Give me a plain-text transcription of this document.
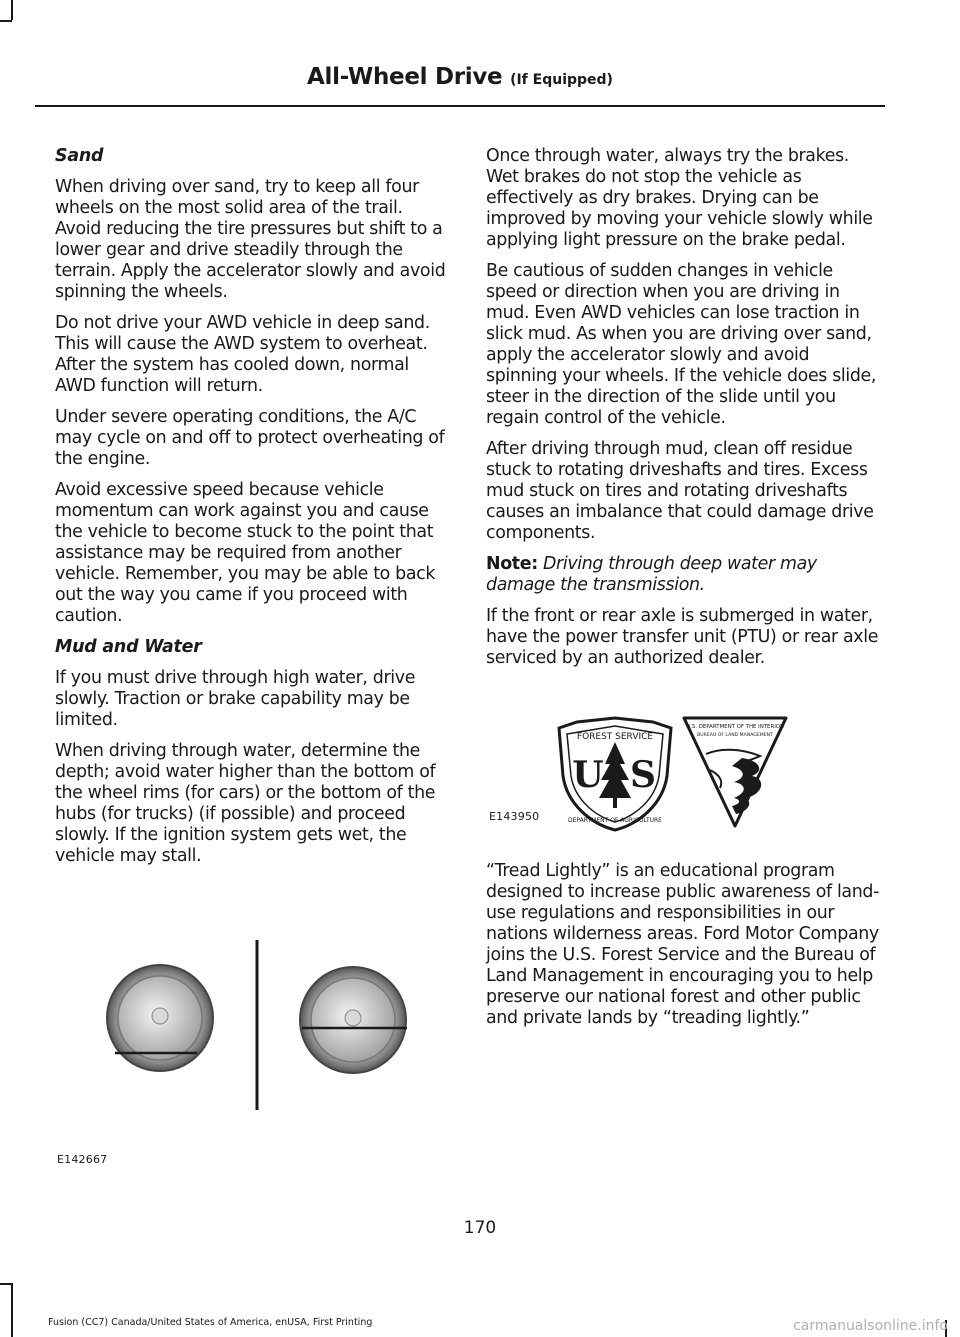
All-Wheel Drive (If Equipped)
Sand

When driving over sand, try to keep all four wheels on the most solid area of the trail. Avoid reducing the tire pressures but shift to a lower gear and drive steadily through the terrain. Apply the accelerator slowly and avoid spinning the wheels.

Do not drive your AWD vehicle in deep sand. This will cause the AWD system to overheat. After the system has cooled down, normal AWD function will return.

Under severe operating conditions, the A/C may cycle on and off to protect overheating of the engine.

Avoid excessive speed because vehicle momentum can work against you and cause the vehicle to become stuck to the point that assistance may be required from another vehicle. Remember, you may be able to back out the way you came if you proceed with caution.

Mud and Water

If you must drive through high water, drive slowly. Traction or brake capability may be limited.

When driving through water, determine the depth; avoid water higher than the bottom of the wheel rims (for cars) or the bottom of the hubs (for trucks) (if possible) and proceed slowly. If the ignition system gets wet, the vehicle may stall.

Once through water, always try the brakes. Wet brakes do not stop the vehicle as effectively as dry brakes. Drying can be improved by moving your vehicle slowly while applying light pressure on the brake pedal.

Be cautious of sudden changes in vehicle speed or direction when you are driving in mud. Even AWD vehicles can lose traction in slick mud. As when you are driving over sand, apply the accelerator slowly and avoid spinning your wheels. If the vehicle does slide, steer in the direction of the slide until you regain control of the vehicle.

After driving through mud, clean off residue stuck to rotating driveshafts and tires. Excess mud stuck on tires and rotating driveshafts causes an imbalance that could damage drive components.

Note: Driving through deep water may damage the transmission.

If the front or rear axle is submerged in water, have the power transfer unit (PTU) or rear axle serviced by an authorized dealer.

“Tread Lightly” is an educational program designed to increase public awareness of land-use regulations and responsibilities in our nations wilderness areas. Ford Motor Company joins the U.S. Forest Service and the Bureau of Land Management in encouraging you to help preserve our national forest and other public and private lands by “treading lightly.”

E142667
FOREST SERVICE
U S
DEPARTMENT OF AGRICULTURE
U.S. DEPARTMENT OF THE INTERIOR
BUREAU OF LAND MANAGEMENT
E143950
170
Fusion (CC7) Canada/United States of America, enUSA, First Printing	carmanualsonline.info
